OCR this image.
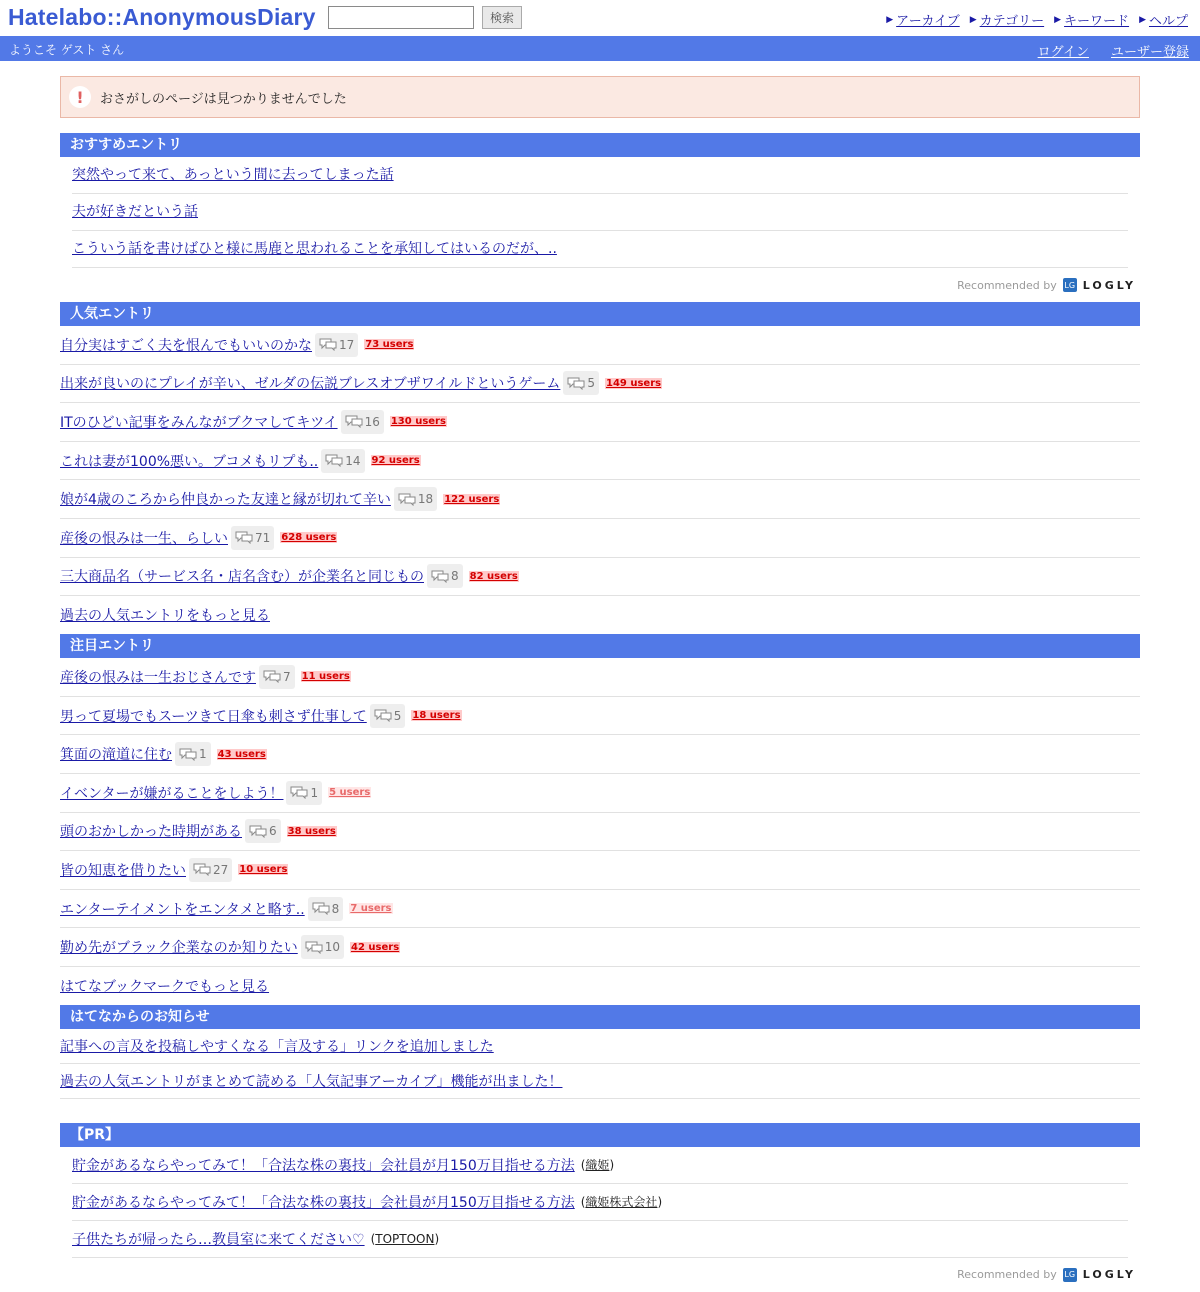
Hatelabo::AnonymousDiary	検索	▶ アーカイブ ▶ カテゴリー ▶ キーワード ▶ ヘルプ
ようこそ ゲスト さん	ログイン ユーザー登録
!	おさがしのページは見つかりませんでした
おすすめエントリ
突然やって来て、あっという間に去ってしまった話
夫が好きだという話
こういう話を書けばひと様に馬鹿と思われることを承知してはいるのだが、..
Recommended by LG LOGLY
人気エントリ
自分実はすごく夫を恨んでもいいのかな 17 73 users
出来が良いのにプレイが辛い、ゼルダの伝説ブレスオブザワイルドというゲーム 5 149 users
ITのひどい記事をみんながブクマしてキツイ 16 130 users
これは妻が100%悪い。ブコメもリプも.. 14 92 users
娘が4歳のころから仲良かった友達と縁が切れて辛い 18 122 users
産後の恨みは一生、らしい 71 628 users
三大商品名（サービス名・店名含む）が企業名と同じもの 8 82 users
過去の人気エントリをもっと見る
注目エントリ
産後の恨みは一生おじさんです 7 11 users
男って夏場でもスーツきて日傘も刺さず仕事して 5 18 users
箕面の滝道に住む 1 43 users
イベンターが嫌がることをしよう！ 1 5 users
頭のおかしかった時期がある 6 38 users
皆の知恵を借りたい 27 10 users
エンターテイメントをエンタメと略す.. 8 7 users
勤め先がブラック企業なのか知りたい 10 42 users
はてなブックマークでもっと見る
はてなからのお知らせ
記事への言及を投稿しやすくなる「言及する」リンクを追加しました
過去の人気エントリがまとめて読める「人気記事アーカイブ」機能が出ました！
【PR】
貯金があるならやってみて！「合法な株の裏技」会社員が月150万目指せる方法 (織姫)
貯金があるならやってみて！「合法な株の裏技」会社員が月150万目指せる方法 (織姫株式会社)
子供たちが帰ったら…教員室に来てください♡ (TOPTOON)
Recommended by LG LOGLY
